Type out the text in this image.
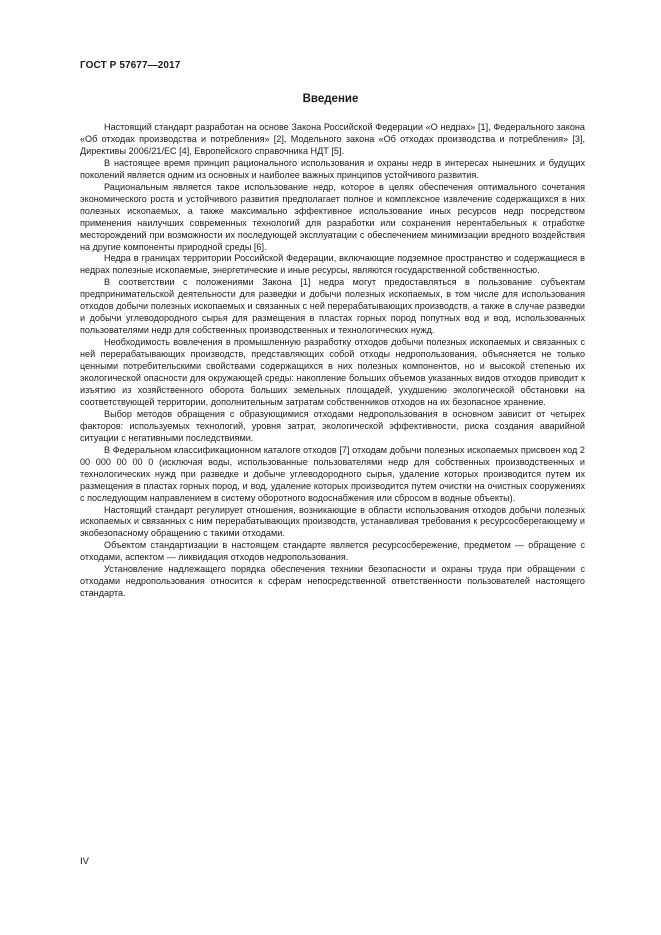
ГОСТ Р 57677—2017
Введение

Настоящий стандарт разработан на основе Закона Российской Федерации «О недрах» [1], Федерального закона «Об отходах производства и потребления» [2], Модельного закона «Об отходах производства и потребления» [3], Директивы 2006/21/ЕС [4], Европейского справочника НДТ [5].

В настоящее время принцип рационального использования и охраны недр в интересах нынешних и будущих поколений является одним из основных и наиболее важных принципов устойчивого развития.

Рациональным является такое использование недр, которое в целях обеспечения оптимального сочетания экономического роста и устойчивого развития предполагает полное и комплексное извлечение содержащихся в них полезных ископаемых, а также максимально эффективное использование иных ресурсов недр посредством применения наилучших современных технологий для разработки или сохранения нерентабельных к отработке месторождений при возможности их последующей эксплуатации с обеспечением минимизации вредного воздействия на другие компоненты природной среды [6].

Недра в границах территории Российской Федерации, включающие подземное пространство и содержащиеся в недрах полезные ископаемые, энергетические и иные ресурсы, являются государственной собственностью.

В соответствии с положениями Закона [1] недра могут предоставляться в пользование субъектам предпринимательской деятельности для разведки и добычи полезных ископаемых, в том числе для использования отходов добычи полезных ископаемых и связанных с ней перерабатывающих производств, а также в случае разведки и добычи углеводородного сырья для размещения в пластах горных пород попутных вод и вод, использованных пользователями недр для собственных производственных и технологических нужд.

Необходимость вовлечения в промышленную разработку отходов добычи полезных ископаемых и связанных с ней перерабатывающих производств, представляющих собой отходы недропользования, объясняется не только ценными потребительскими свойствами содержащихся в них полезных компонентов, но и высокой степенью их экологической опасности для окружающей среды: накопление больших объемов указанных видов отходов приводит к изъятию из хозяйственного оборота больших земельных площадей, ухудшению экологической обстановки на соответствующей территории, дополнительным затратам собственников отходов на их безопасное хранение.

Выбор методов обращения с образующимися отходами недропользования в основном зависит от четырех факторов: используемых технологий, уровня затрат, экологической эффективности, риска создания аварийной ситуации с негативными последствиями.

В Федеральном классификационном каталоге отходов [7] отходам добычи полезных ископаемых присвоен код 2 00 000 00 00 0 (исключая воды, использованные пользователями недр для собственных производственных и технологических нужд при разведке и добыче углеводородного сырья, удаление которых производится путем их размещения в пластах горных пород, и вод, удаление которых производится путем очистки на очистных сооружениях с последующим направлением в систему оборотного водоснабжения или сбросом в водные объекты).

Настоящий стандарт регулирует отношения, возникающие в области использования отходов добычи полезных ископаемых и связанных с ним перерабатывающих производств, устанавливая требования к ресурсосберегающему и экобезопасному обращению с такими отходами.

Объектом стандартизации в настоящем стандарте является ресурсосбережение, предметом — обращение с отходами, аспектом — ликвидация отходов недропользования.

Установление надлежащего порядка обеспечения техники безопасности и охраны труда при обращении с отходами недропользования относится к сферам непосредственной ответственности пользователей настоящего стандарта.

IV
